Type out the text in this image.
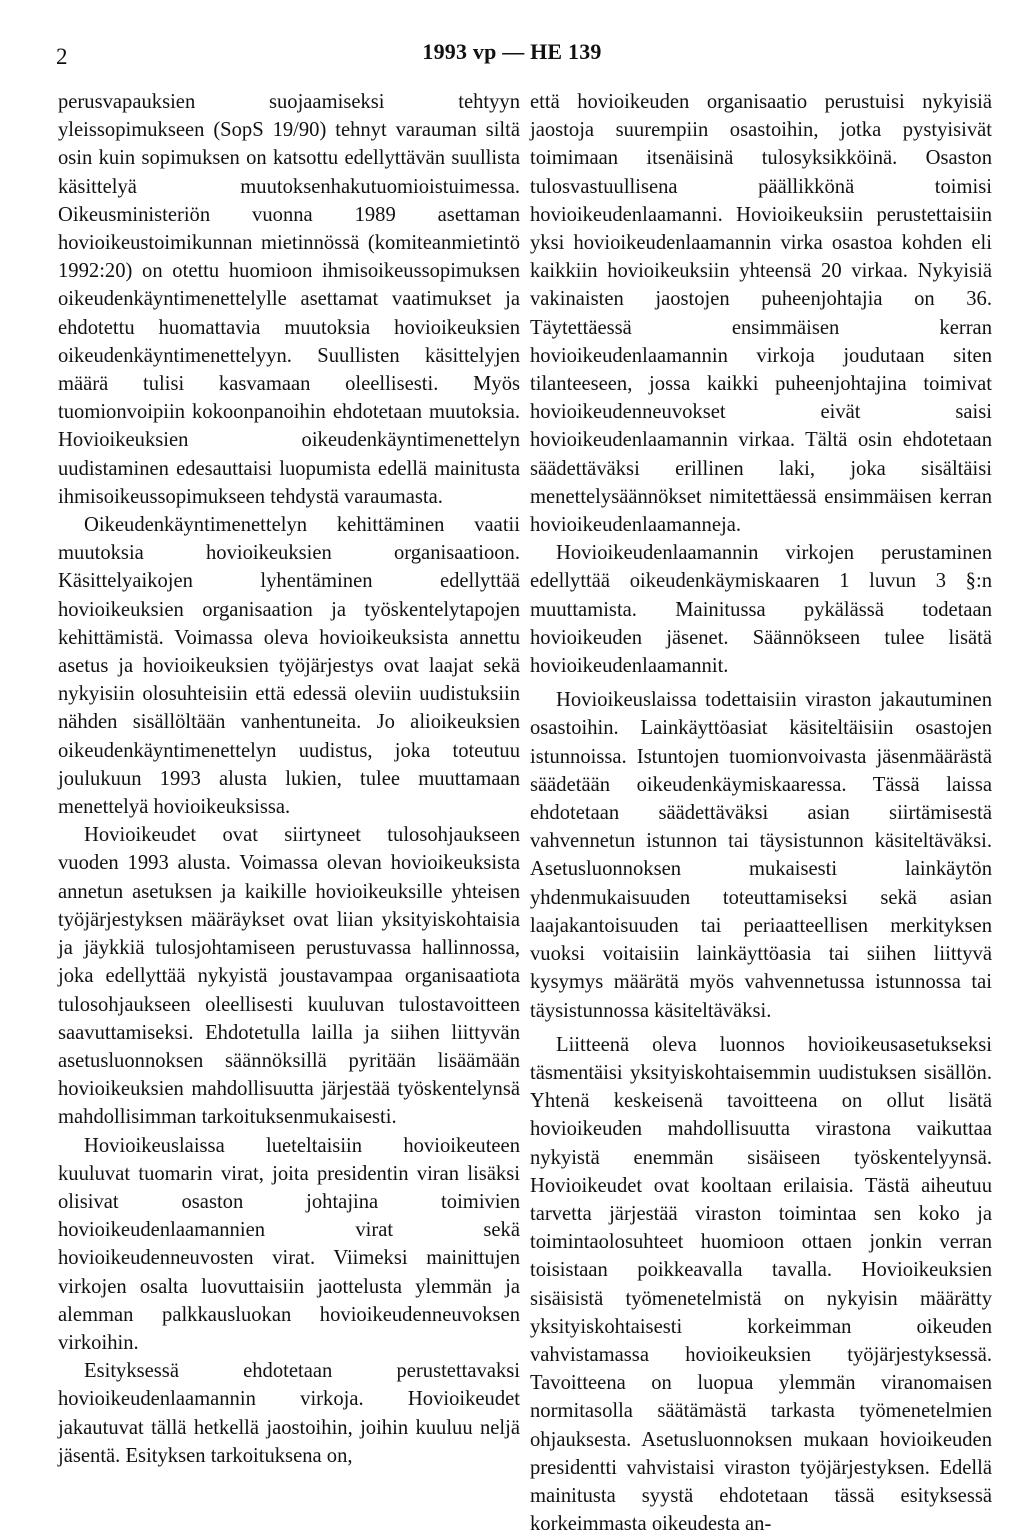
2	1993 vp — HE 139

perusvapauksien suojaamiseksi tehtyyn yleissopimukseen (SopS 19/90) tehnyt varauman siltä osin kuin sopimuksen on katsottu edellyttävän suullista käsittelyä muutoksenhakutuomioistuimessa. Oikeusministeriön vuonna 1989 asettaman hovioikeustoimikunnan mietinnössä (komiteanmietintö 1992:20) on otettu huomioon ihmisoikeussopimuksen oikeudenkäyntimenettelylle asettamat vaatimukset ja ehdotettu huomattavia muutoksia hovioikeuksien oikeudenkäyntimenettelyyn. Suullisten käsittelyjen määrä tulisi kasvamaan oleellisesti. Myös tuomionvoipiin kokoonpanoihin ehdotetaan muutoksia. Hovioikeuksien oikeudenkäyntimenettelyn uudistaminen edesauttaisi luopumista edellä mainitusta ihmisoikeussopimukseen tehdystä varaumasta.

Oikeudenkäyntimenettelyn kehittäminen vaatii muutoksia hovioikeuksien organisaatioon. Käsittelyaikojen lyhentäminen edellyttää hovioikeuksien organisaation ja työskentelytapojen kehittämistä. Voimassa oleva hovioikeuksista annettu asetus ja hovioikeuksien työjärjestys ovat laajat sekä nykyisiin olosuhteisiin että edessä oleviin uudistuksiin nähden sisällöltään vanhentuneita. Jo alioikeuksien oikeudenkäyntimenettelyn uudistus, joka toteutuu joulukuun 1993 alusta lukien, tulee muuttamaan menettelyä hovioikeuksissa.

Hovioikeudet ovat siirtyneet tulosohjaukseen vuoden 1993 alusta. Voimassa olevan hovioikeuksista annetun asetuksen ja kaikille hovioikeuksille yhteisen työjärjestyksen määräykset ovat liian yksityiskohtaisia ja jäykkiä tulosjohtamiseen perustuvassa hallinnossa, joka edellyttää nykyistä joustavampaa organisaatiota tulosohjaukseen oleellisesti kuuluvan tulostavoitteen saavuttamiseksi. Ehdotetulla lailla ja siihen liittyvän asetusluonnoksen säännöksillä pyritään lisäämään hovioikeuksien mahdollisuutta järjestää työskentelynsä mahdollisimman tarkoituksenmukaisesti.

Hovioikeuslaissa lueteltaisiin hovioikeuteen kuuluvat tuomarin virat, joita presidentin viran lisäksi olisivat osaston johtajina toimivien hovioikeudenlaamannien virat sekä hovioikeudenneuvosten virat. Viimeksi mainittujen virkojen osalta luovuttaisiin jaottelusta ylemmän ja alemman palkkausluokan hovioikeudenneuvoksen virkoihin.

Esityksessä ehdotetaan perustettavaksi hovioikeudenlaamannin virkoja. Hovioikeudet jakautuvat tällä hetkellä jaostoihin, joihin kuuluu neljä jäsentä. Esityksen tarkoituksena on,

että hovioikeuden organisaatio perustuisi nykyisiä jaostoja suurempiin osastoihin, jotka pystyisivät toimimaan itsenäisinä tulosyksikköinä. Osaston tulosvastuullisena päällikkönä toimisi hovioikeudenlaamanni. Hovioikeuksiin perustettaisiin yksi hovioikeudenlaamannin virka osastoa kohden eli kaikkiin hovioikeuksiin yhteensä 20 virkaa. Nykyisiä vakinaisten jaostojen puheenjohtajia on 36. Täytettäessä ensimmäisen kerran hovioikeudenlaamannin virkoja joudutaan siten tilanteeseen, jossa kaikki puheenjohtajina toimivat hovioikeudenneuvokset eivät saisi hovioikeudenlaamannin virkaa. Tältä osin ehdotetaan säädettäväksi erillinen laki, joka sisältäisi menettelysäännökset nimitettäessä ensimmäisen kerran hovioikeudenlaamanneja.

Hovioikeudenlaamannin virkojen perustaminen edellyttää oikeudenkäymiskaaren 1 luvun 3 §:n muuttamista. Mainitussa pykälässä todetaan hovioikeuden jäsenet. Säännökseen tulee lisätä hovioikeudenlaamannit.

Hovioikeuslaissa todettaisiin viraston jakautuminen osastoihin. Lainkäyttöasiat käsiteltäisiin osastojen istunnoissa. Istuntojen tuomionvoivasta jäsenmäärästä säädetään oikeudenkäymiskaaressa. Tässä laissa ehdotetaan säädettäväksi asian siirtämisestä vahvennetun istunnon tai täysistunnon käsiteltäväksi. Asetusluonnoksen mukaisesti lainkäytön yhdenmukaisuuden toteuttamiseksi sekä asian laajakantoisuuden tai periaatteellisen merkityksen vuoksi voitaisiin lainkäyttöasia tai siihen liittyvä kysymys määrätä myös vahvennetussa istunnossa tai täysistunnossa käsiteltäväksi.

Liitteenä oleva luonnos hovioikeusasetukseksi täsmentäisi yksityiskohtaisemmin uudistuksen sisällön. Yhtenä keskeisenä tavoitteena on ollut lisätä hovioikeuden mahdollisuutta virastona vaikuttaa nykyistä enemmän sisäiseen työskentelyynsä. Hovioikeudet ovat kooltaan erilaisia. Tästä aiheutuu tarvetta järjestää viraston toimintaa sen koko ja toimintaolosuhteet huomioon ottaen jonkin verran toisistaan poikkeavalla tavalla. Hovioikeuksien sisäisistä työmenetelmistä on nykyisin määrätty yksityiskohtaisesti korkeimman oikeuden vahvistamassa hovioikeuksien työjärjestyksessä. Tavoitteena on luopua ylemmän viranomaisen normitasolla säätämästä tarkasta työmenetelmien ohjauksesta. Asetusluonnoksen mukaan hovioikeuden presidentti vahvistaisi viraston työjärjestyksen. Edellä mainitusta syystä ehdotetaan tässä esityksessä korkeimmasta oikeudesta an-
